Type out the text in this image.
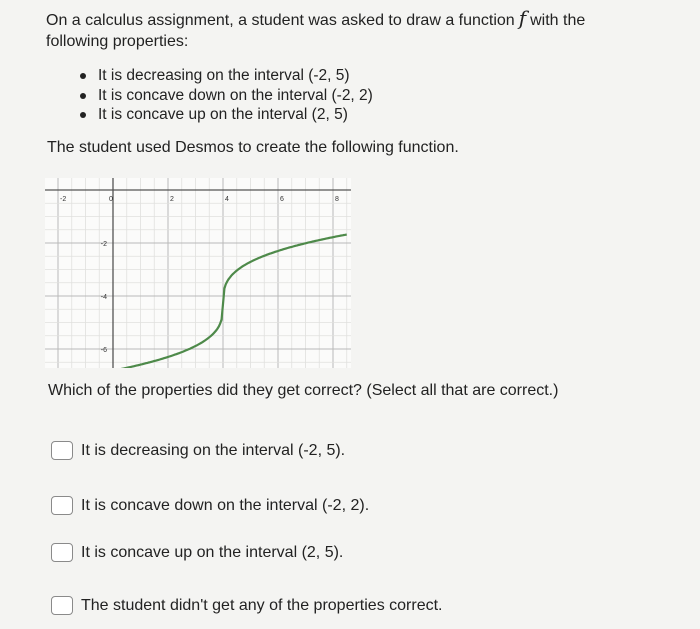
On a calculus assignment, a student was asked to draw a function f with the
following properties:
It is decreasing on the interval (-2, 5)
It is concave down on the interval (-2, 2)
It is concave up on the interval (2, 5)
The student used Desmos to create the following function.
-2	0	2	4	6	8
-2
-4
-6
Which of the properties did they get correct? (Select all that are correct.)
It is decreasing on the interval (-2, 5).
It is concave down on the interval (-2, 2).
It is concave up on the interval (2, 5).
The student didn't get any of the properties correct.
